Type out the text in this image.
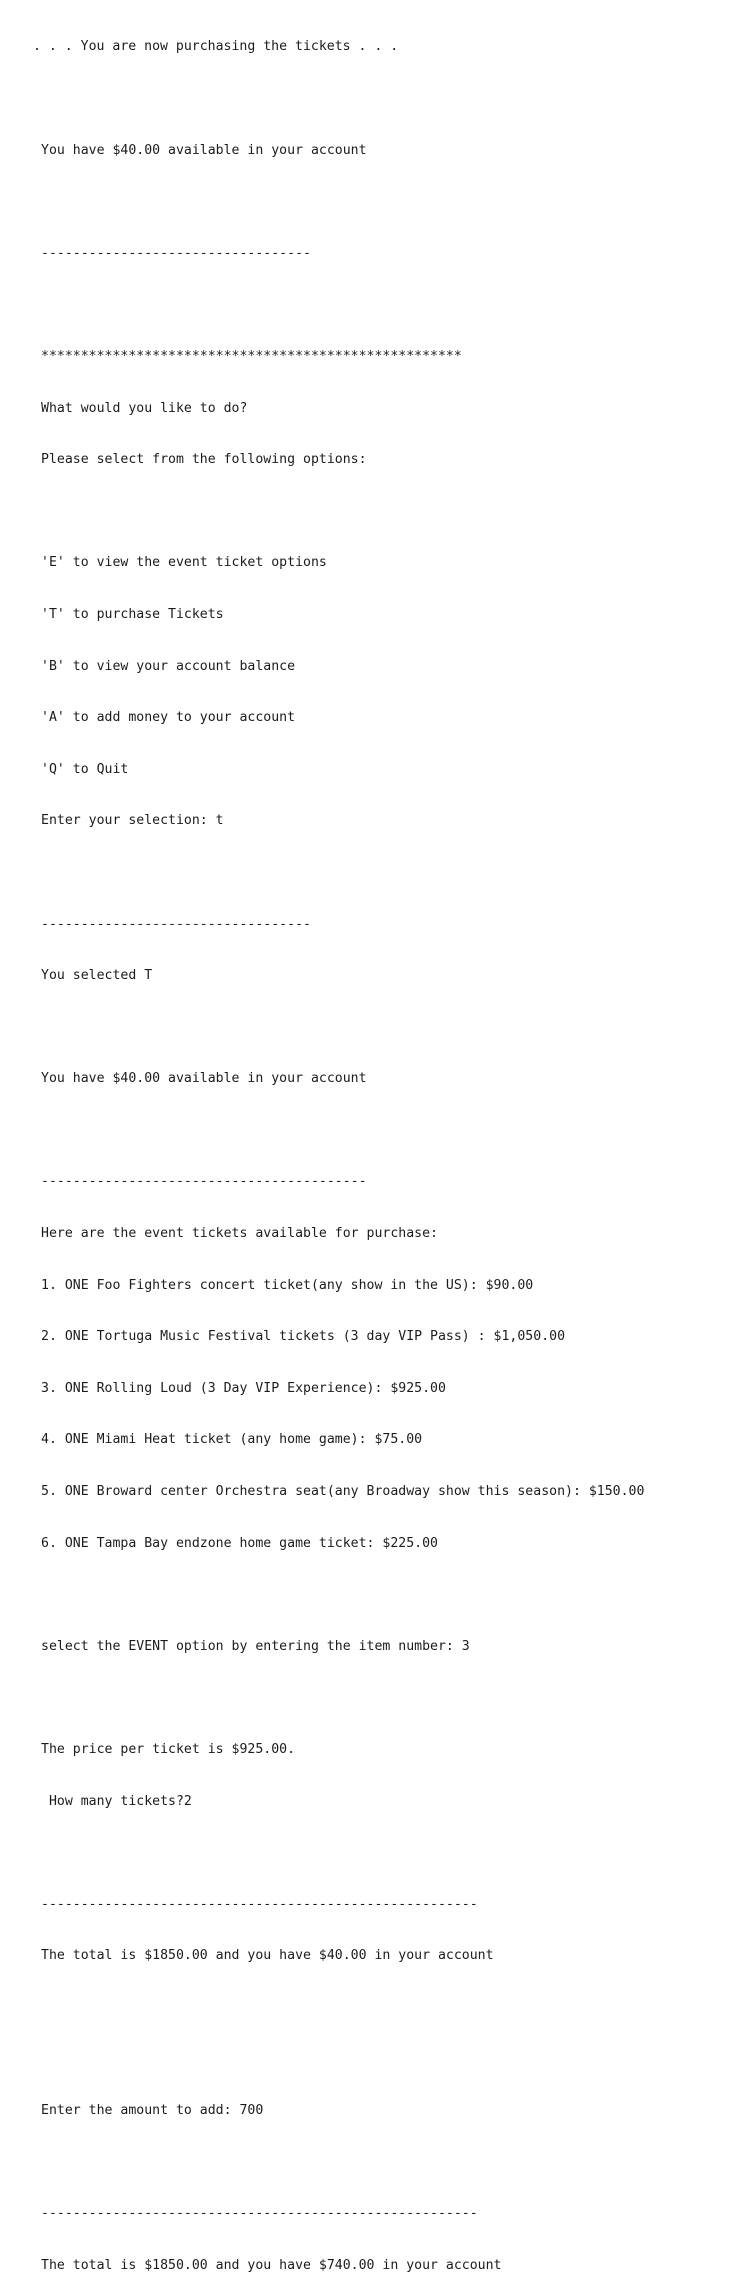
. . . You are now purchasing the tickets . . .

You have $40.00 available in your account

----------------------------------

*****************************************************

What would you like to do?

Please select from the following options:

'E' to view the event ticket options

'T' to purchase Tickets

'B' to view your account balance

'A' to add money to your account

'Q' to Quit

Enter your selection: t

----------------------------------

You selected T

You have $40.00 available in your account

-----------------------------------------

Here are the event tickets available for purchase:

1. ONE Foo Fighters concert ticket(any show in the US): $90.00

2. ONE Tortuga Music Festival tickets (3 day VIP Pass) : $1,050.00

3. ONE Rolling Loud (3 Day VIP Experience): $925.00

4. ONE Miami Heat ticket (any home game): $75.00

5. ONE Broward center Orchestra seat(any Broadway show this season): $150.00

6. ONE Tampa Bay endzone home game ticket: $225.00

select the EVENT option by entering the item number: 3

The price per ticket is $925.00.

How many tickets?2

-------------------------------------------------------

The total is $1850.00 and you have $40.00 in your account

Enter the amount to add: 700

-------------------------------------------------------

The total is $1850.00 and you have $740.00 in your account
